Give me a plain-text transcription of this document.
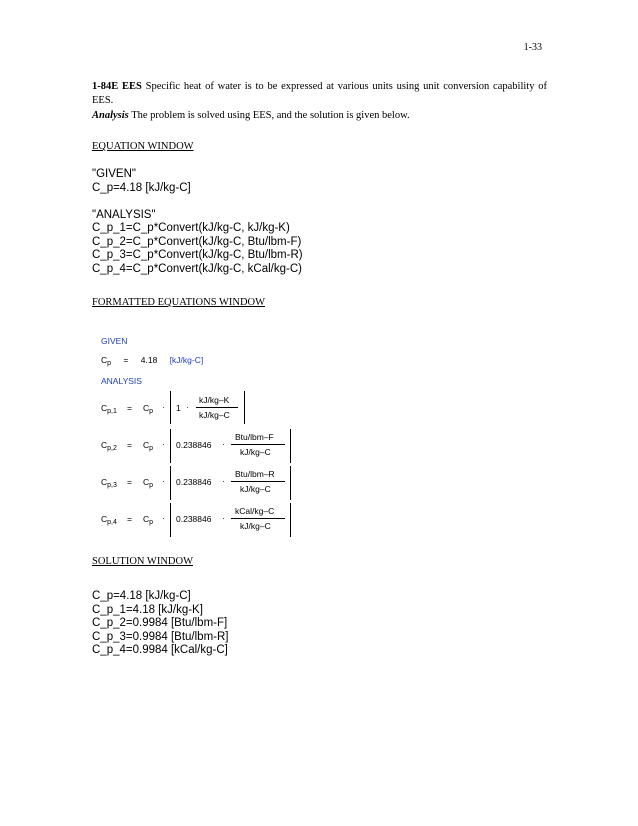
1-33
1-84E EES Specific heat of water is to be expressed at various units using unit conversion capability of EES.
Analysis The problem is solved using EES, and the solution is given below.
EQUATION WINDOW
"GIVEN"
C_p=4.18 [kJ/kg-C]
"ANALYSIS"
C_p_1=C_p*Convert(kJ/kg-C, kJ/kg-K)
C_p_2=C_p*Convert(kJ/kg-C, Btu/lbm-F)
C_p_3=C_p*Convert(kJ/kg-C, Btu/lbm-R)
C_p_4=C_p*Convert(kJ/kg-C, kCal/kg-C)
FORMATTED EQUATIONS WINDOW
GIVEN
$C_p = 4.18$ [kJ/kg-C]
ANALYSIS
$C_{p,1} = C_p \cdot 1$ ·
kJ/kg–K
kJ/kg–C
$C_{p,2} = C_p \cdot 0.238846$ ·
Btu/lbm–F
kJ/kg–C
$C_{p,3} = C_p \cdot 0.238846$ ·
Btu/lbm–R
kJ/kg–C
$C_{p,4} = C_p \cdot 0.238846$ ·
kCal/kg–C
kJ/kg–C
SOLUTION WINDOW
C_p=4.18 [kJ/kg-C]
C_p_1=4.18 [kJ/kg-K]
C_p_2=0.9984 [Btu/lbm-F]
C_p_3=0.9984 [Btu/lbm-R]
C_p_4=0.9984 [kCal/kg-C]
